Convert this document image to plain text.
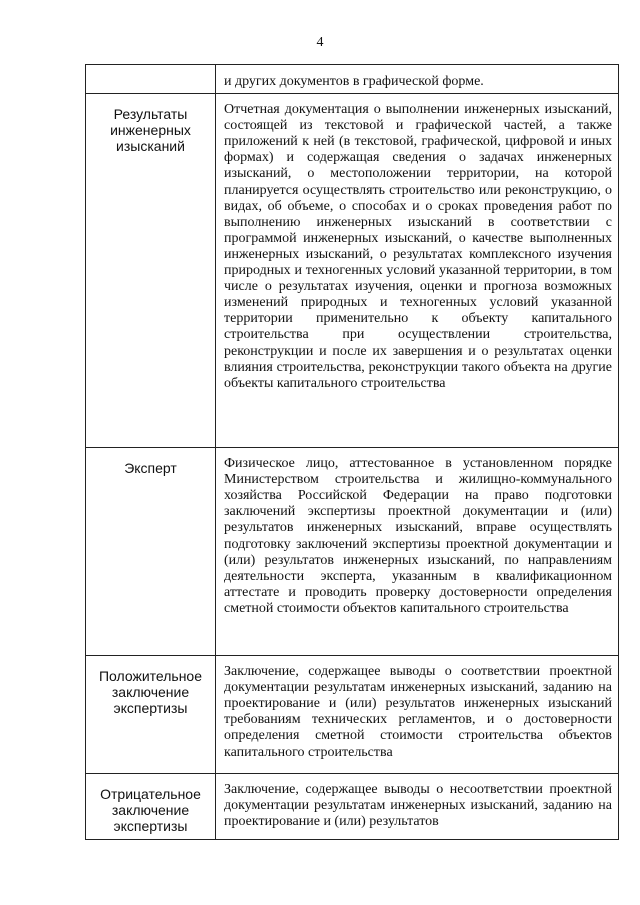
4

	и других документов в графической форме.

Результаты инженерных изысканий	Отчетная документация о выполнении инженерных изысканий, состоящей из текстовой и графической частей, а также приложений к ней (в текстовой, графической, цифровой и иных формах) и содержащая сведения о задачах инженерных изысканий, о местоположении территории, на которой планируется осуществлять строительство или реконструкцию, о видах, об объеме, о способах и о сроках проведения работ по выполнению инженерных изысканий в соответствии с программой инженерных изысканий, о качестве выполненных инженерных изысканий, о результатах комплексного изучения природных и техногенных условий указанной территории, в том числе о результатах изучения, оценки и прогноза возможных изменений природных и техногенных условий указанной территории применительно к объекту капитального строительства при осуществлении строительства, реконструкции и после их завершения и о результатах оценки влияния строительства, реконструкции такого объекта на другие объекты капитального строительства

Эксперт	Физическое лицо, аттестованное в установленном порядке Министерством строительства и жилищно-коммунального хозяйства Российской Федерации на право подготовки заключений экспертизы проектной документации и (или) результатов инженерных изысканий, вправе осуществлять подготовку заключений экспертизы проектной документации и (или) результатов инженерных изысканий, по направлениям деятельности эксперта, указанным в квалификационном аттестате и проводить проверку достоверности определения сметной стоимости объектов капитального строительства

Положительное заключение экспертизы	Заключение, содержащее выводы о соответствии проектной документации результатам инженерных изысканий, заданию на проектирование и (или) результатов инженерных изысканий требованиям технических регламентов, и о достоверности определения сметной стоимости строительства объектов капитального строительства

Отрицательное заключение экспертизы	Заключение, содержащее выводы о несоответствии проектной документации результатам инженерных изысканий, заданию на проектирование и (или) результатов
